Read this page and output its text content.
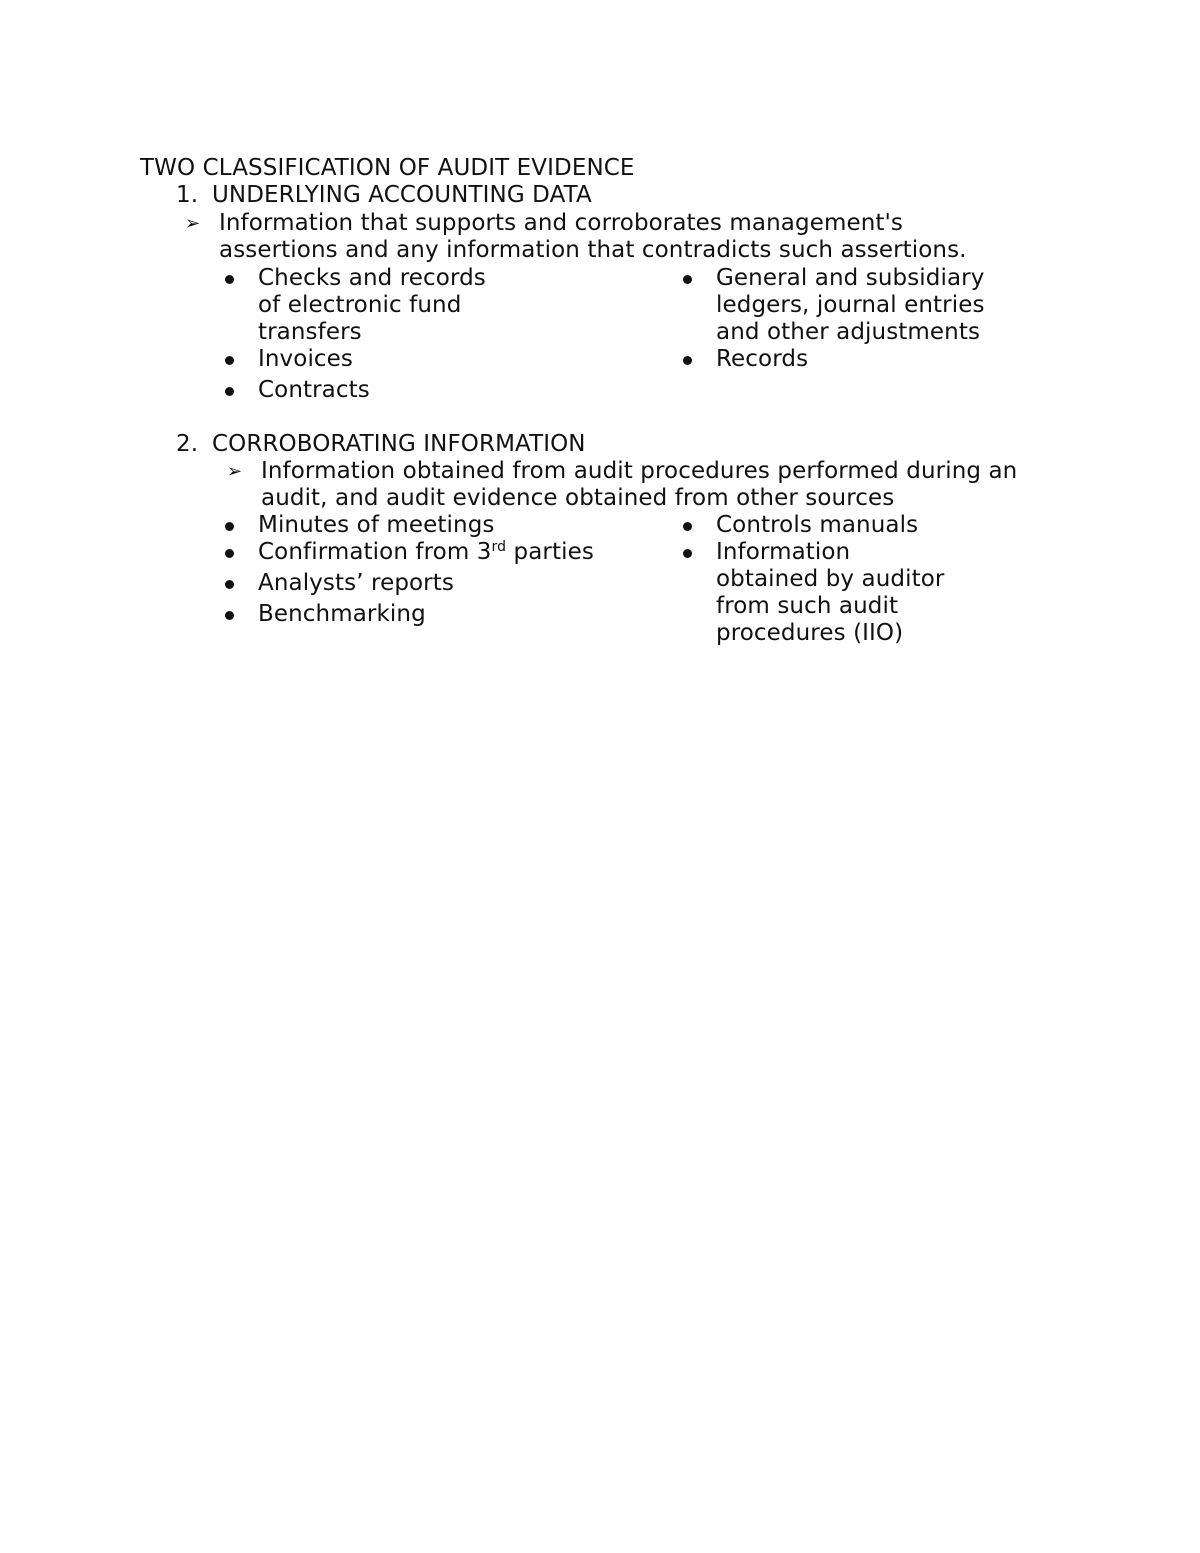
TWO CLASSIFICATION OF AUDIT EVIDENCE
1. UNDERLYING ACCOUNTING DATA
➢ Information that supports and corroborates management's
assertions and any information that contradicts such assertions.
Checks and records
of electronic fund
transfers
Invoices
Contracts
General and subsidiary
ledgers, journal entries
and other adjustments
Records
2. CORROBORATING INFORMATION
➢ Information obtained from audit procedures performed during an
audit, and audit evidence obtained from other sources
Minutes of meetings
Confirmation from 3rd parties
Analysts’ reports
Benchmarking
Controls manuals
Information
obtained by auditor
from such audit
procedures (IIO)
